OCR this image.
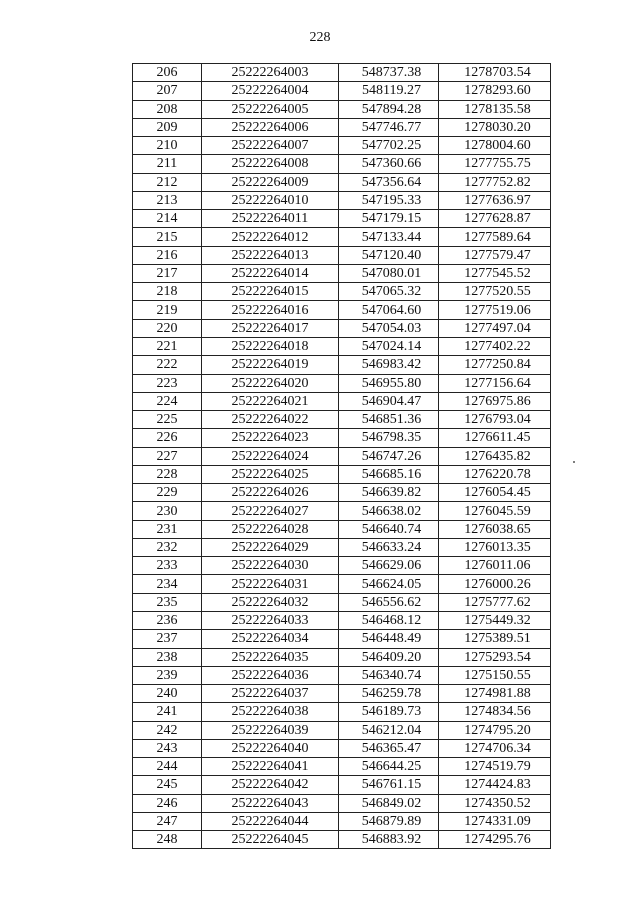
228
206	25222264003	548737.38	1278703.54
207	25222264004	548119.27	1278293.60
208	25222264005	547894.28	1278135.58
209	25222264006	547746.77	1278030.20
210	25222264007	547702.25	1278004.60
211	25222264008	547360.66	1277755.75
212	25222264009	547356.64	1277752.82
213	25222264010	547195.33	1277636.97
214	25222264011	547179.15	1277628.87
215	25222264012	547133.44	1277589.64
216	25222264013	547120.40	1277579.47
217	25222264014	547080.01	1277545.52
218	25222264015	547065.32	1277520.55
219	25222264016	547064.60	1277519.06
220	25222264017	547054.03	1277497.04
221	25222264018	547024.14	1277402.22
222	25222264019	546983.42	1277250.84
223	25222264020	546955.80	1277156.64
224	25222264021	546904.47	1276975.86
225	25222264022	546851.36	1276793.04
226	25222264023	546798.35	1276611.45
227	25222264024	546747.26	1276435.82
228	25222264025	546685.16	1276220.78
229	25222264026	546639.82	1276054.45
230	25222264027	546638.02	1276045.59
231	25222264028	546640.74	1276038.65
232	25222264029	546633.24	1276013.35
233	25222264030	546629.06	1276011.06
234	25222264031	546624.05	1276000.26
235	25222264032	546556.62	1275777.62
236	25222264033	546468.12	1275449.32
237	25222264034	546448.49	1275389.51
238	25222264035	546409.20	1275293.54
239	25222264036	546340.74	1275150.55
240	25222264037	546259.78	1274981.88
241	25222264038	546189.73	1274834.56
242	25222264039	546212.04	1274795.20
243	25222264040	546365.47	1274706.34
244	25222264041	546644.25	1274519.79
245	25222264042	546761.15	1274424.83
246	25222264043	546849.02	1274350.52
247	25222264044	546879.89	1274331.09
248	25222264045	546883.92	1274295.76
